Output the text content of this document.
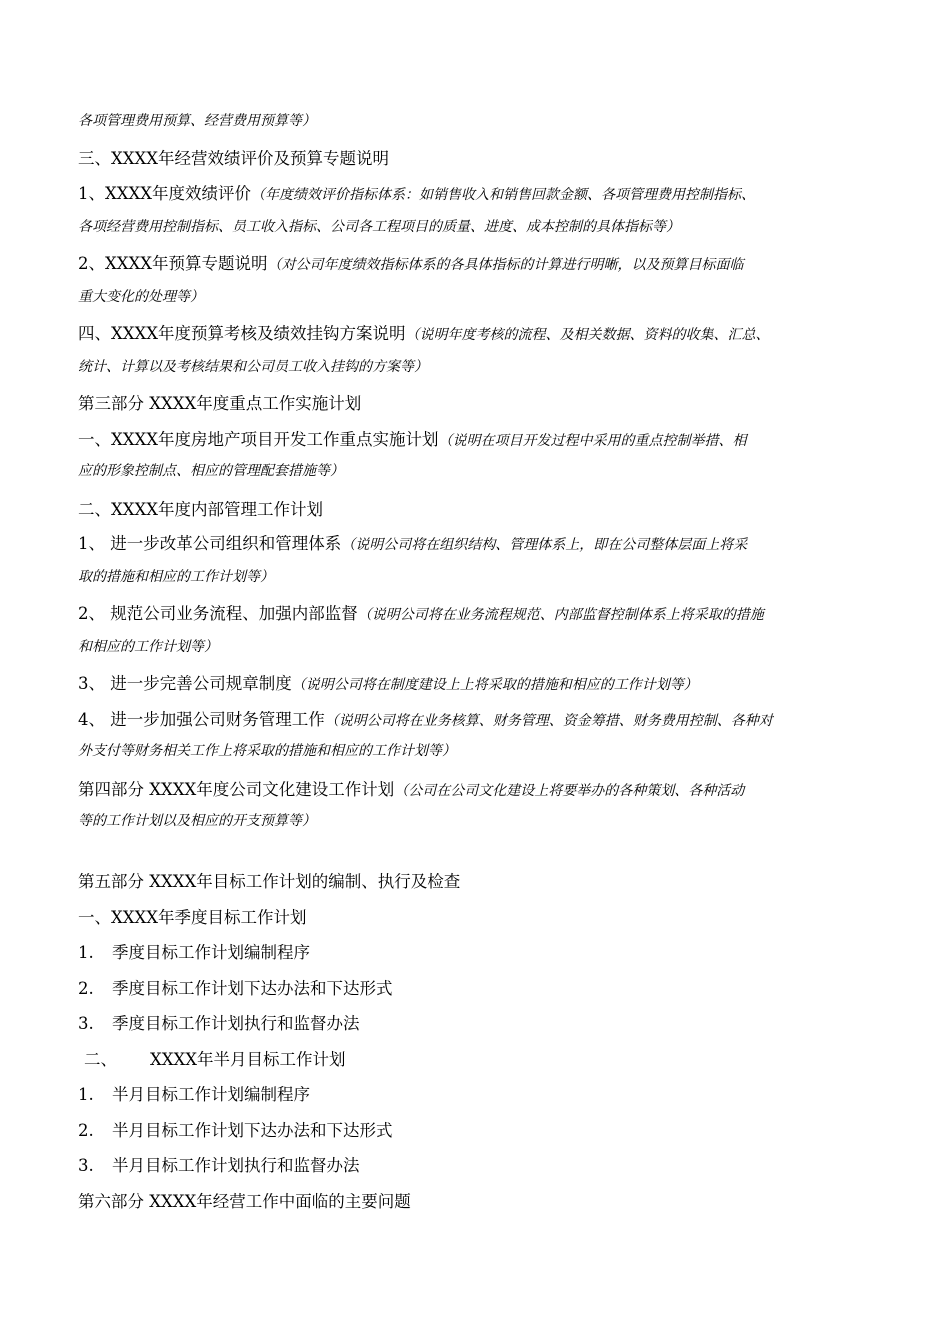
各项管理费用预算、经营费用预算等）
三、XXXX年经营效绩评价及预算专题说明
1、XXXX年度效绩评价（年度绩效评价指标体系：如销售收入和销售回款金额、各项管理费用控制指标、
各项经营费用控制指标、员工收入指标、公司各工程项目的质量、进度、成本控制的具体指标等）
2、XXXX年预算专题说明（对公司年度绩效指标体系的各具体指标的计算进行明晰，以及预算目标面临
重大变化的处理等）
四、XXXX年度预算考核及绩效挂钩方案说明（说明年度考核的流程、及相关数据、资料的收集、汇总、
统计、计算以及考核结果和公司员工收入挂钩的方案等）
第三部分 XXXX年度重点工作实施计划
一、XXXX年度房地产项目开发工作重点实施计划（说明在项目开发过程中采用的重点控制举措、相
应的形象控制点、相应的管理配套措施等）
二、XXXX年度内部管理工作计划
1、 进一步改革公司组织和管理体系（说明公司将在组织结构、管理体系上，即在公司整体层面上将采
取的措施和相应的工作计划等）
2、 规范公司业务流程、加强内部监督（说明公司将在业务流程规范、内部监督控制体系上将采取的措施
和相应的工作计划等）
3、 进一步完善公司规章制度（说明公司将在制度建设上上将采取的措施和相应的工作计划等）
4、 进一步加强公司财务管理工作（说明公司将在业务核算、财务管理、资金筹措、财务费用控制、各种对
外支付等财务相关工作上将采取的措施和相应的工作计划等）
第四部分 XXXX年度公司文化建设工作计划（公司在公司文化建设上将要举办的各种策划、各种活动
等的工作计划以及相应的开支预算等）
第五部分 XXXX年目标工作计划的编制、执行及检查
一、XXXX年季度目标工作计划
1. 季度目标工作计划编制程序
2. 季度目标工作计划下达办法和下达形式
3. 季度目标工作计划执行和监督办法
二、 XXXX年半月目标工作计划
1. 半月目标工作计划编制程序
2. 半月目标工作计划下达办法和下达形式
3. 半月目标工作计划执行和监督办法
第六部分 XXXX年经营工作中面临的主要问题
